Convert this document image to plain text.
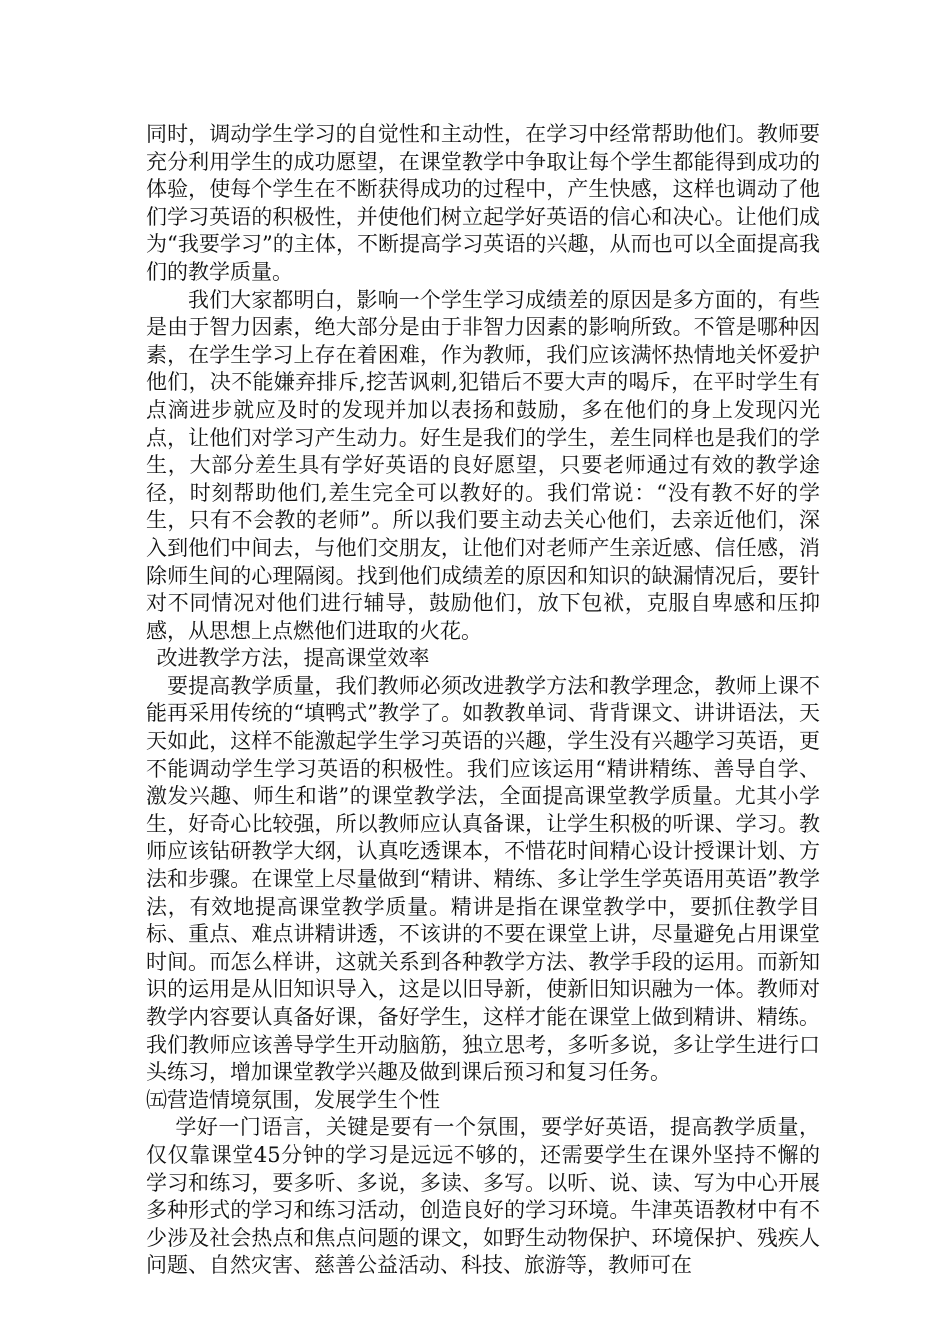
同时，调动学生学习的自觉性和主动性，在学习中经常帮助他们。教师要充分利用学生的成功愿望，在课堂教学中争取让每个学生都能得到成功的体验，使每个学生在不断获得成功的过程中，产生快感，这样也调动了他们学习英语的积极性，并使他们树立起学好英语的信心和决心。让他们成为“我要学习”的主体，不断提高学习英语的兴趣，从而也可以全面提高我们的教学质量。

我们大家都明白，影响一个学生学习成绩差的原因是多方面的，有些是由于智力因素，绝大部分是由于非智力因素的影响所致。不管是哪种因素，在学生学习上存在着困难，作为教师，我们应该满怀热情地关怀爱护他们，决不能嫌弃排斥,挖苦讽刺,犯错后不要大声的喝斥，在平时学生有点滴进步就应及时的发现并加以表扬和鼓励，多在他们的身上发现闪光点，让他们对学习产生动力。好生是我们的学生，差生同样也是我们的学生，大部分差生具有学好英语的良好愿望，只要老师通过有效的教学途径，时刻帮助他们,差生完全可以教好的。我们常说：“没有教不好的学生，只有不会教的老师”。所以我们要主动去关心他们，去亲近他们，深入到他们中间去，与他们交朋友，让他们对老师产生亲近感、信任感，消除师生间的心理隔阂。找到他们成绩差的原因和知识的缺漏情况后，要针对不同情况对他们进行辅导，鼓励他们，放下包袱，克服自卑感和压抑感，从思想上点燃他们进取的火花。

改进教学方法，提高课堂效率

要提高教学质量，我们教师必须改进教学方法和教学理念，教师上课不能再采用传统的“填鸭式”教学了。如教教单词、背背课文、讲讲语法，天天如此，这样不能激起学生学习英语的兴趣，学生没有兴趣学习英语，更不能调动学生学习英语的积极性。我们应该运用“精讲精练、善导自学、激发兴趣、师生和谐”的课堂教学法，全面提高课堂教学质量。尤其小学生，好奇心比较强，所以教师应认真备课，让学生积极的听课、学习。教师应该钻研教学大纲，认真吃透课本，不惜花时间精心设计授课计划、方法和步骤。在课堂上尽量做到“精讲、精练、多让学生学英语用英语”教学法，有效地提高课堂教学质量。精讲是指在课堂教学中，要抓住教学目标、重点、难点讲精讲透，不该讲的不要在课堂上讲，尽量避免占用课堂时间。而怎么样讲，这就关系到各种教学方法、教学手段的运用。而新知识的运用是从旧知识导入，这是以旧导新，使新旧知识融为一体。教师对教学内容要认真备好课，备好学生，这样才能在课堂上做到精讲、精练。我们教师应该善导学生开动脑筋，独立思考，多听多说，多让学生进行口头练习，增加课堂教学兴趣及做到课后预习和复习任务。

㈤营造情境氛围，发展学生个性

学好一门语言，关键是要有一个氛围，要学好英语，提高教学质量，仅仅靠课堂45分钟的学习是远远不够的，还需要学生在课外坚持不懈的学习和练习，要多听、多说，多读、多写。以听、说、读、写为中心开展多种形式的学习和练习活动，创造良好的学习环境。牛津英语教材中有不少涉及社会热点和焦点问题的课文，如野生动物保护、环境保护、残疾人问题、自然灾害、慈善公益活动、科技、旅游等，教师可在
